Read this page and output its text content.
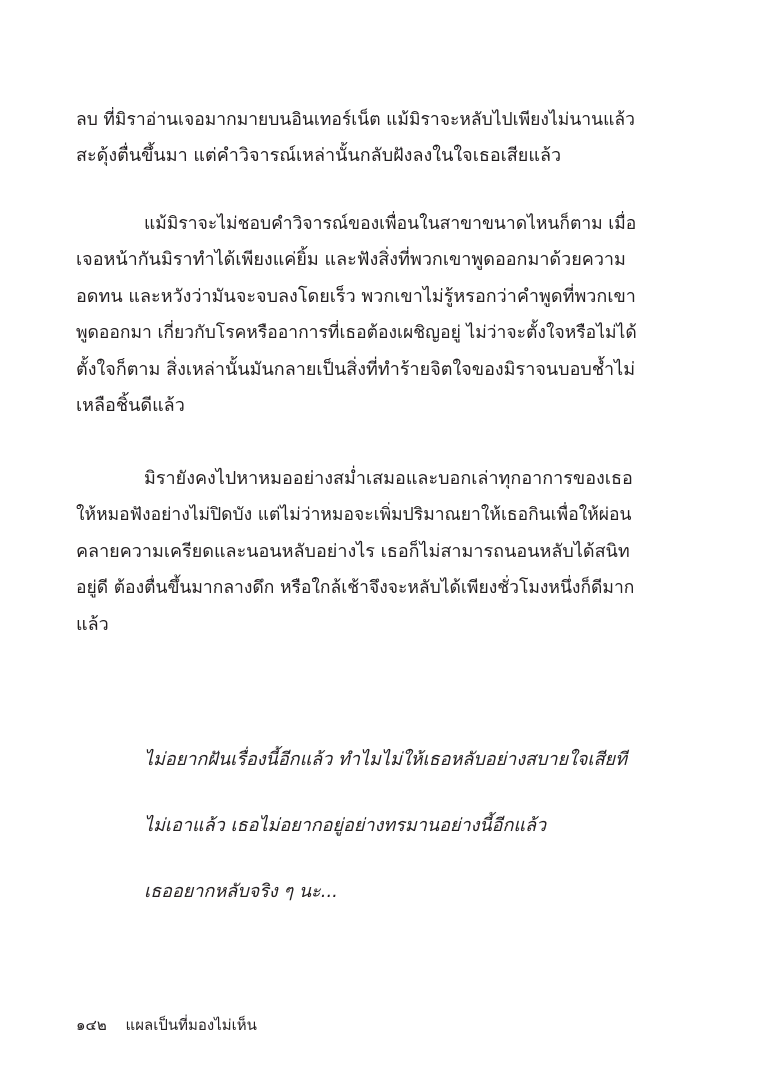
ลบ ที่มิราอ่านเจอมากมายบนอินเทอร์เน็ต แม้มิราจะหลับไปเพียงไม่นานแล้ว
สะดุ้งตื่นขึ้นมา แต่คำวิจารณ์เหล่านั้นกลับฝังลงในใจเธอเสียแล้ว
แม้มิราจะไม่ชอบคำวิจารณ์ของเพื่อนในสาขาขนาดไหนก็ตาม เมื่อ
เจอหน้ากันมิราทำได้เพียงแค่ยิ้ม และฟังสิ่งที่พวกเขาพูดออกมาด้วยความ
อดทน และหวังว่ามันจะจบลงโดยเร็ว พวกเขาไม่รู้หรอกว่าคำพูดที่พวกเขา
พูดออกมา เกี่ยวกับโรคหรืออาการที่เธอต้องเผชิญอยู่ ไม่ว่าจะตั้งใจหรือไม่ได้
ตั้งใจก็ตาม สิ่งเหล่านั้นมันกลายเป็นสิ่งที่ทำร้ายจิตใจของมิราจนบอบช้ำไม่
เหลือชิ้นดีแล้ว
มิรายังคงไปหาหมออย่างสม่ำเสมอและบอกเล่าทุกอาการของเธอ
ให้หมอฟังอย่างไม่ปิดบัง แต่ไม่ว่าหมอจะเพิ่มปริมาณยาให้เธอกินเพื่อให้ผ่อน
คลายความเครียดและนอนหลับอย่างไร เธอก็ไม่สามารถนอนหลับได้สนิท
อยู่ดี ต้องตื่นขึ้นมากลางดึก หรือใกล้เช้าจึงจะหลับได้เพียงชั่วโมงหนึ่งก็ดีมาก
แล้ว

ไม่อยากฝันเรื่องนี้อีกแล้ว ทำไมไม่ให้เธอหลับอย่างสบายใจเสียที

ไม่เอาแล้ว เธอไม่อยากอยู่อย่างทรมานอย่างนี้อีกแล้ว

เธออยากหลับจริง ๆ นะ...

๑๔๒ แผลเป็นที่มองไม่เห็น
